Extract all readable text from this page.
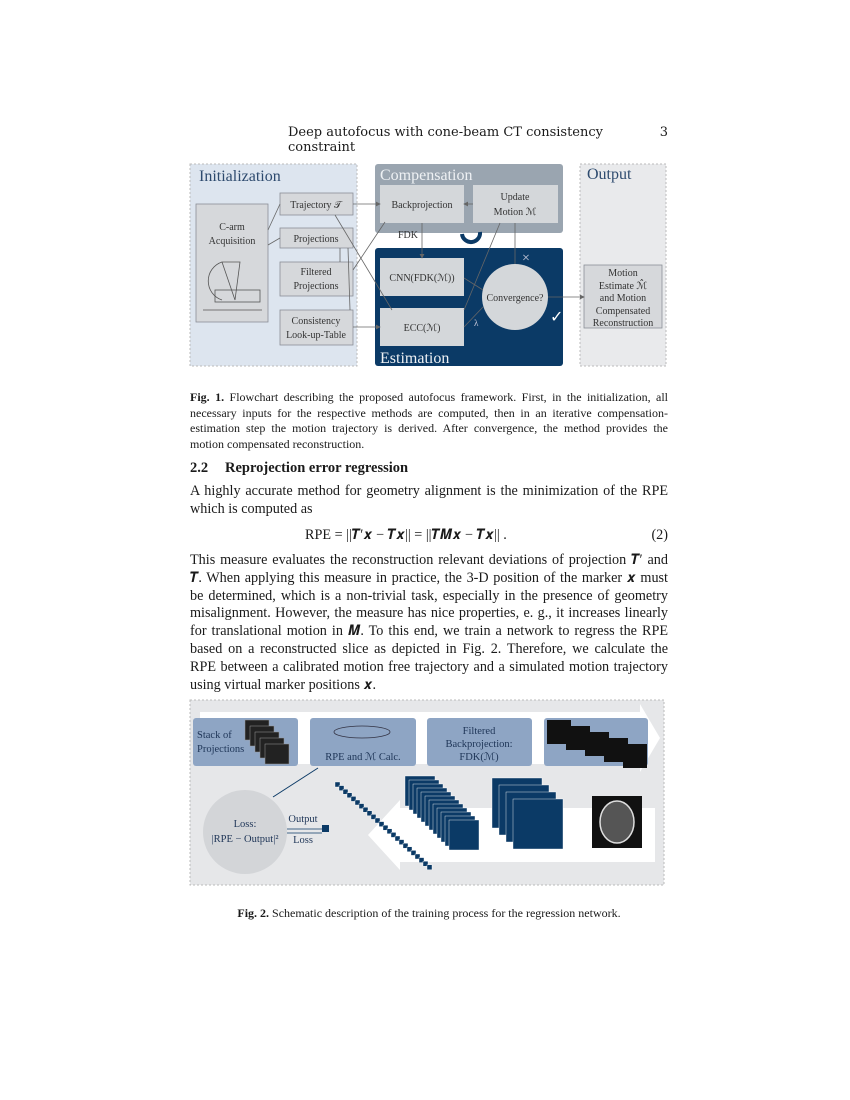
Deep autofocus with cone-beam CT consistency constraint
3
Initialization	Compensation
Estimation
Output
C-arm
Acquisition
Trajectory 𝒯
Projections
Filtered
Projections
Consistency
Look-up-Table
Backprojection
Update
Motion ℳ
CNN(FDK(ℳ))
ECC(ℳ)
Convergence?
FDK
Motion
Estimate ℳ̂
and Motion
Compensated
Reconstruction
λ
×
✓
Fig. 1. Flowchart describing the proposed autofocus framework. First, in the initialization, all necessary inputs for the respective methods are computed, then in an iterative compensation-estimation step the motion trajectory is derived. After convergence, the method provides the motion compensated reconstruction.
2.2 Reprojection error regression
A highly accurate method for geometry alignment is the minimization of the RPE which is computed as
RPE = ||𝑻′𝒙 − 𝑻𝒙|| = ||𝑻𝑴𝒙 − 𝑻𝒙|| .	(2)
This measure evaluates the reconstruction relevant deviations of projection 𝑻′ and 𝑻. When applying this measure in practice, the 3-D position of the marker 𝒙 must be determined, which is a non-trivial task, especially in the presence of geometry misalignment. However, the measure has nice properties, e. g., it increases linearly for translational motion in 𝑴. To this end, we train a network to regress the RPE based on a reconstructed slice as depicted in Fig. 2. Therefore, we calculate the RPE between a calibrated motion free trajectory and a simulated motion trajectory using virtual marker positions 𝒙.
Stack of
Projections
RPE and ℳ Calc.
Filtered
Backprojection:
FDK(ℳ)
Loss:
|RPE − Output|²
Output
Loss
Fig. 2. Schematic description of the training process for the regression network.
